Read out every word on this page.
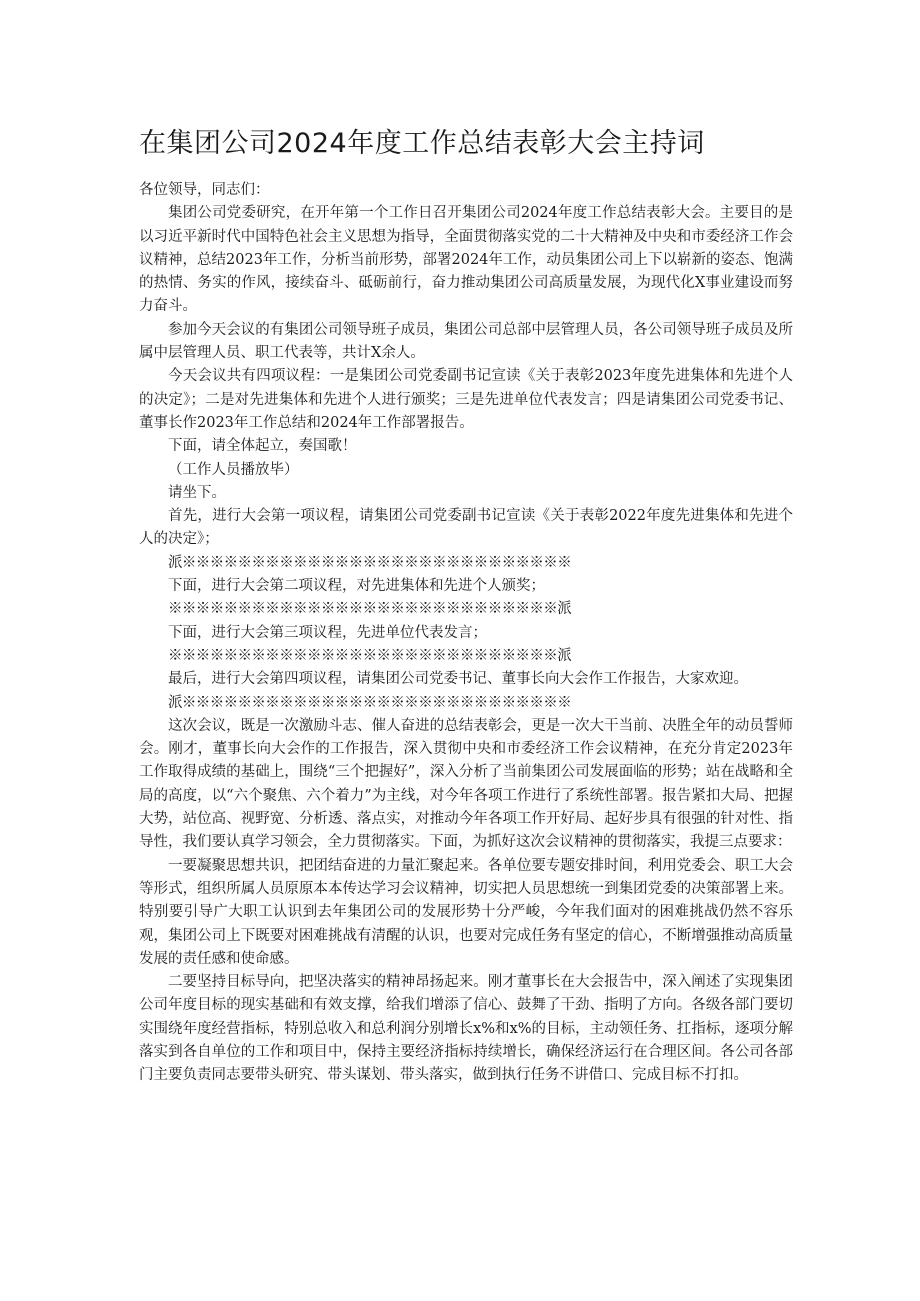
在集团公司2024年度工作总结表彰大会主持词

各位领导，同志们：

集团公司党委研究，在开年第一个工作日召开集团公司2024年度工作总结表彰大会。主要目的是以习近平新时代中国特色社会主义思想为指导，全面贯彻落实党的二十大精神及中央和市委经济工作会议精神，总结2023年工作，分析当前形势，部署2024年工作，动员集团公司上下以崭新的姿态、饱满的热情、务实的作风，接续奋斗、砥砺前行，奋力推动集团公司高质量发展，为现代化X事业建设而努力奋斗。

参加今天会议的有集团公司领导班子成员，集团公司总部中层管理人员，各公司领导班子成员及所属中层管理人员、职工代表等，共计X余人。

今天会议共有四项议程：一是集团公司党委副书记宣读《关于表彰2023年度先进集体和先进个人的决定》；二是对先进集体和先进个人进行颁奖；三是先进单位代表发言；四是请集团公司党委书记、董事长作2023年工作总结和2024年工作部署报告。

下面，请全体起立，奏国歌！

（工作人员播放毕）

请坐下。

首先，进行大会第一项议程，请集团公司党委副书记宣读《关于表彰2022年度先进集体和先进个人的决定》；

派※※※※※※※※※※※※※※※※※※※※※※※※※※※※

下面，进行大会第二项议程，对先进集体和先进个人颁奖；

※※※※※※※※※※※※※※※※※※※※※※※※※※※※派

下面，进行大会第三项议程，先进单位代表发言；

※※※※※※※※※※※※※※※※※※※※※※※※※※※※派

最后，进行大会第四项议程，请集团公司党委书记、董事长向大会作工作报告，大家欢迎。

派※※※※※※※※※※※※※※※※※※※※※※※※※※※※

这次会议，既是一次激励斗志、催人奋进的总结表彰会，更是一次大干当前、决胜全年的动员誓师会。刚才，董事长向大会作的工作报告，深入贯彻中央和市委经济工作会议精神，在充分肯定2023年工作取得成绩的基础上，围绕“三个把握好”，深入分析了当前集团公司发展面临的形势；站在战略和全局的高度，以“六个聚焦、六个着力”为主线，对今年各项工作进行了系统性部署。报告紧扣大局、把握大势，站位高、视野宽、分析透、落点实，对推动今年各项工作开好局、起好步具有很强的针对性、指导性，我们要认真学习领会，全力贯彻落实。下面，为抓好这次会议精神的贯彻落实，我提三点要求：

一要凝聚思想共识，把团结奋进的力量汇聚起来。各单位要专题安排时间，利用党委会、职工大会等形式，组织所属人员原原本本传达学习会议精神，切实把人员思想统一到集团党委的决策部署上来。特别要引导广大职工认识到去年集团公司的发展形势十分严峻，今年我们面对的困难挑战仍然不容乐观，集团公司上下既要对困难挑战有清醒的认识，也要对完成任务有坚定的信心，不断增强推动高质量发展的责任感和使命感。

二要坚持目标导向，把坚决落实的精神昂扬起来。刚才董事长在大会报告中，深入阐述了实现集团公司年度目标的现实基础和有效支撑，给我们增添了信心、鼓舞了干劲、指明了方向。各级各部门要切实围绕年度经营指标，特别总收入和总利润分别增长x%和x%的目标，主动领任务、扛指标，逐项分解落实到各自单位的工作和项目中，保持主要经济指标持续增长，确保经济运行在合理区间。各公司各部门主要负责同志要带头研究、带头谋划、带头落实，做到执行任务不讲借口、完成目标不打扣。
